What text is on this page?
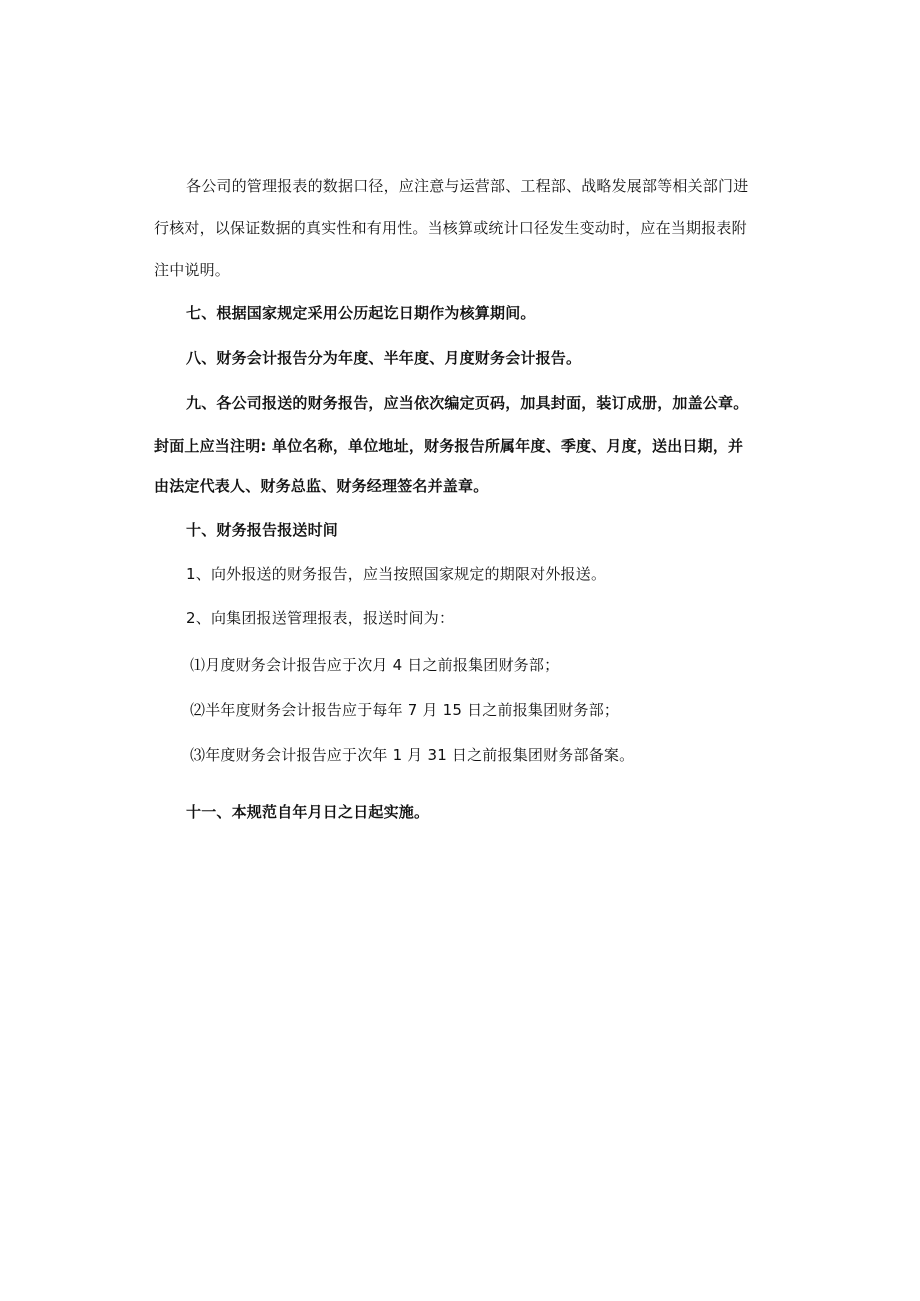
各公司的管理报表的数据口径，应注意与运营部、工程部、战略发展部等相关部门进
行核对，以保证数据的真实性和有用性。当核算或统计口径发生变动时，应在当期报表附
注中说明。
七、根据国家规定采用公历起讫日期作为核算期间。
八、财务会计报告分为年度、半年度、月度财务会计报告。
九、各公司报送的财务报告，应当依次编定页码，加具封面，装订成册，加盖公章。
封面上应当注明: 单位名称，单位地址，财务报告所属年度、季度、月度，送出日期，并
由法定代表人、财务总监、财务经理签名并盖章。
十、财务报告报送时间
1、向外报送的财务报告，应当按照国家规定的期限对外报送。
2、向集团报送管理报表，报送时间为：
⑴月度财务会计报告应于次月 4 日之前报集团财务部；
⑵半年度财务会计报告应于每年 7 月 15 日之前报集团财务部；
⑶年度财务会计报告应于次年 1 月 31 日之前报集团财务部备案。
十一、本规范自年月日之日起实施。
